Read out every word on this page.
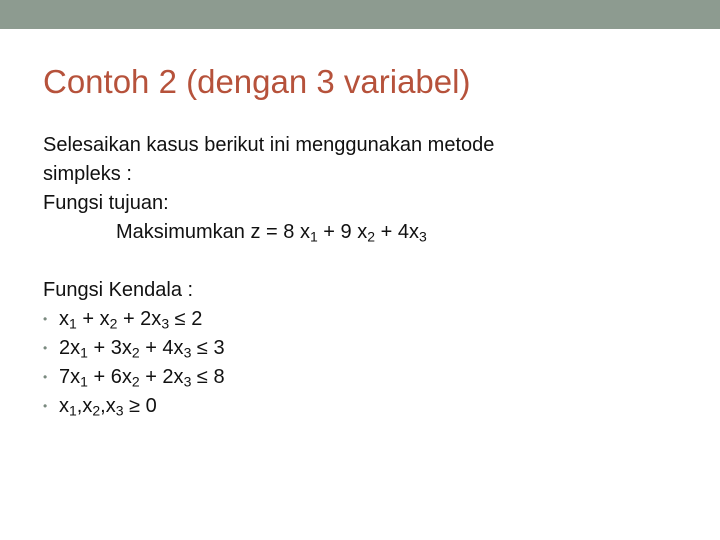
Contoh 2 (dengan 3 variabel)

Selesaikan kasus berikut ini menggunakan metode

simpleks :

Fungsi tujuan:

Maksimumkan z = 8 $x_1 + 9$ $x_2 + 4x_3$

Fungsi Kendala :

• $x_1 + x_2 + 2x_3 \le 2$
• $2x_1 + 3x_2 + 4x_3 \le 3$
• $7x_1 + 6x_2 + 2x_3 \le 8$
• $x_1,x_2,x_3 \ge 0$
